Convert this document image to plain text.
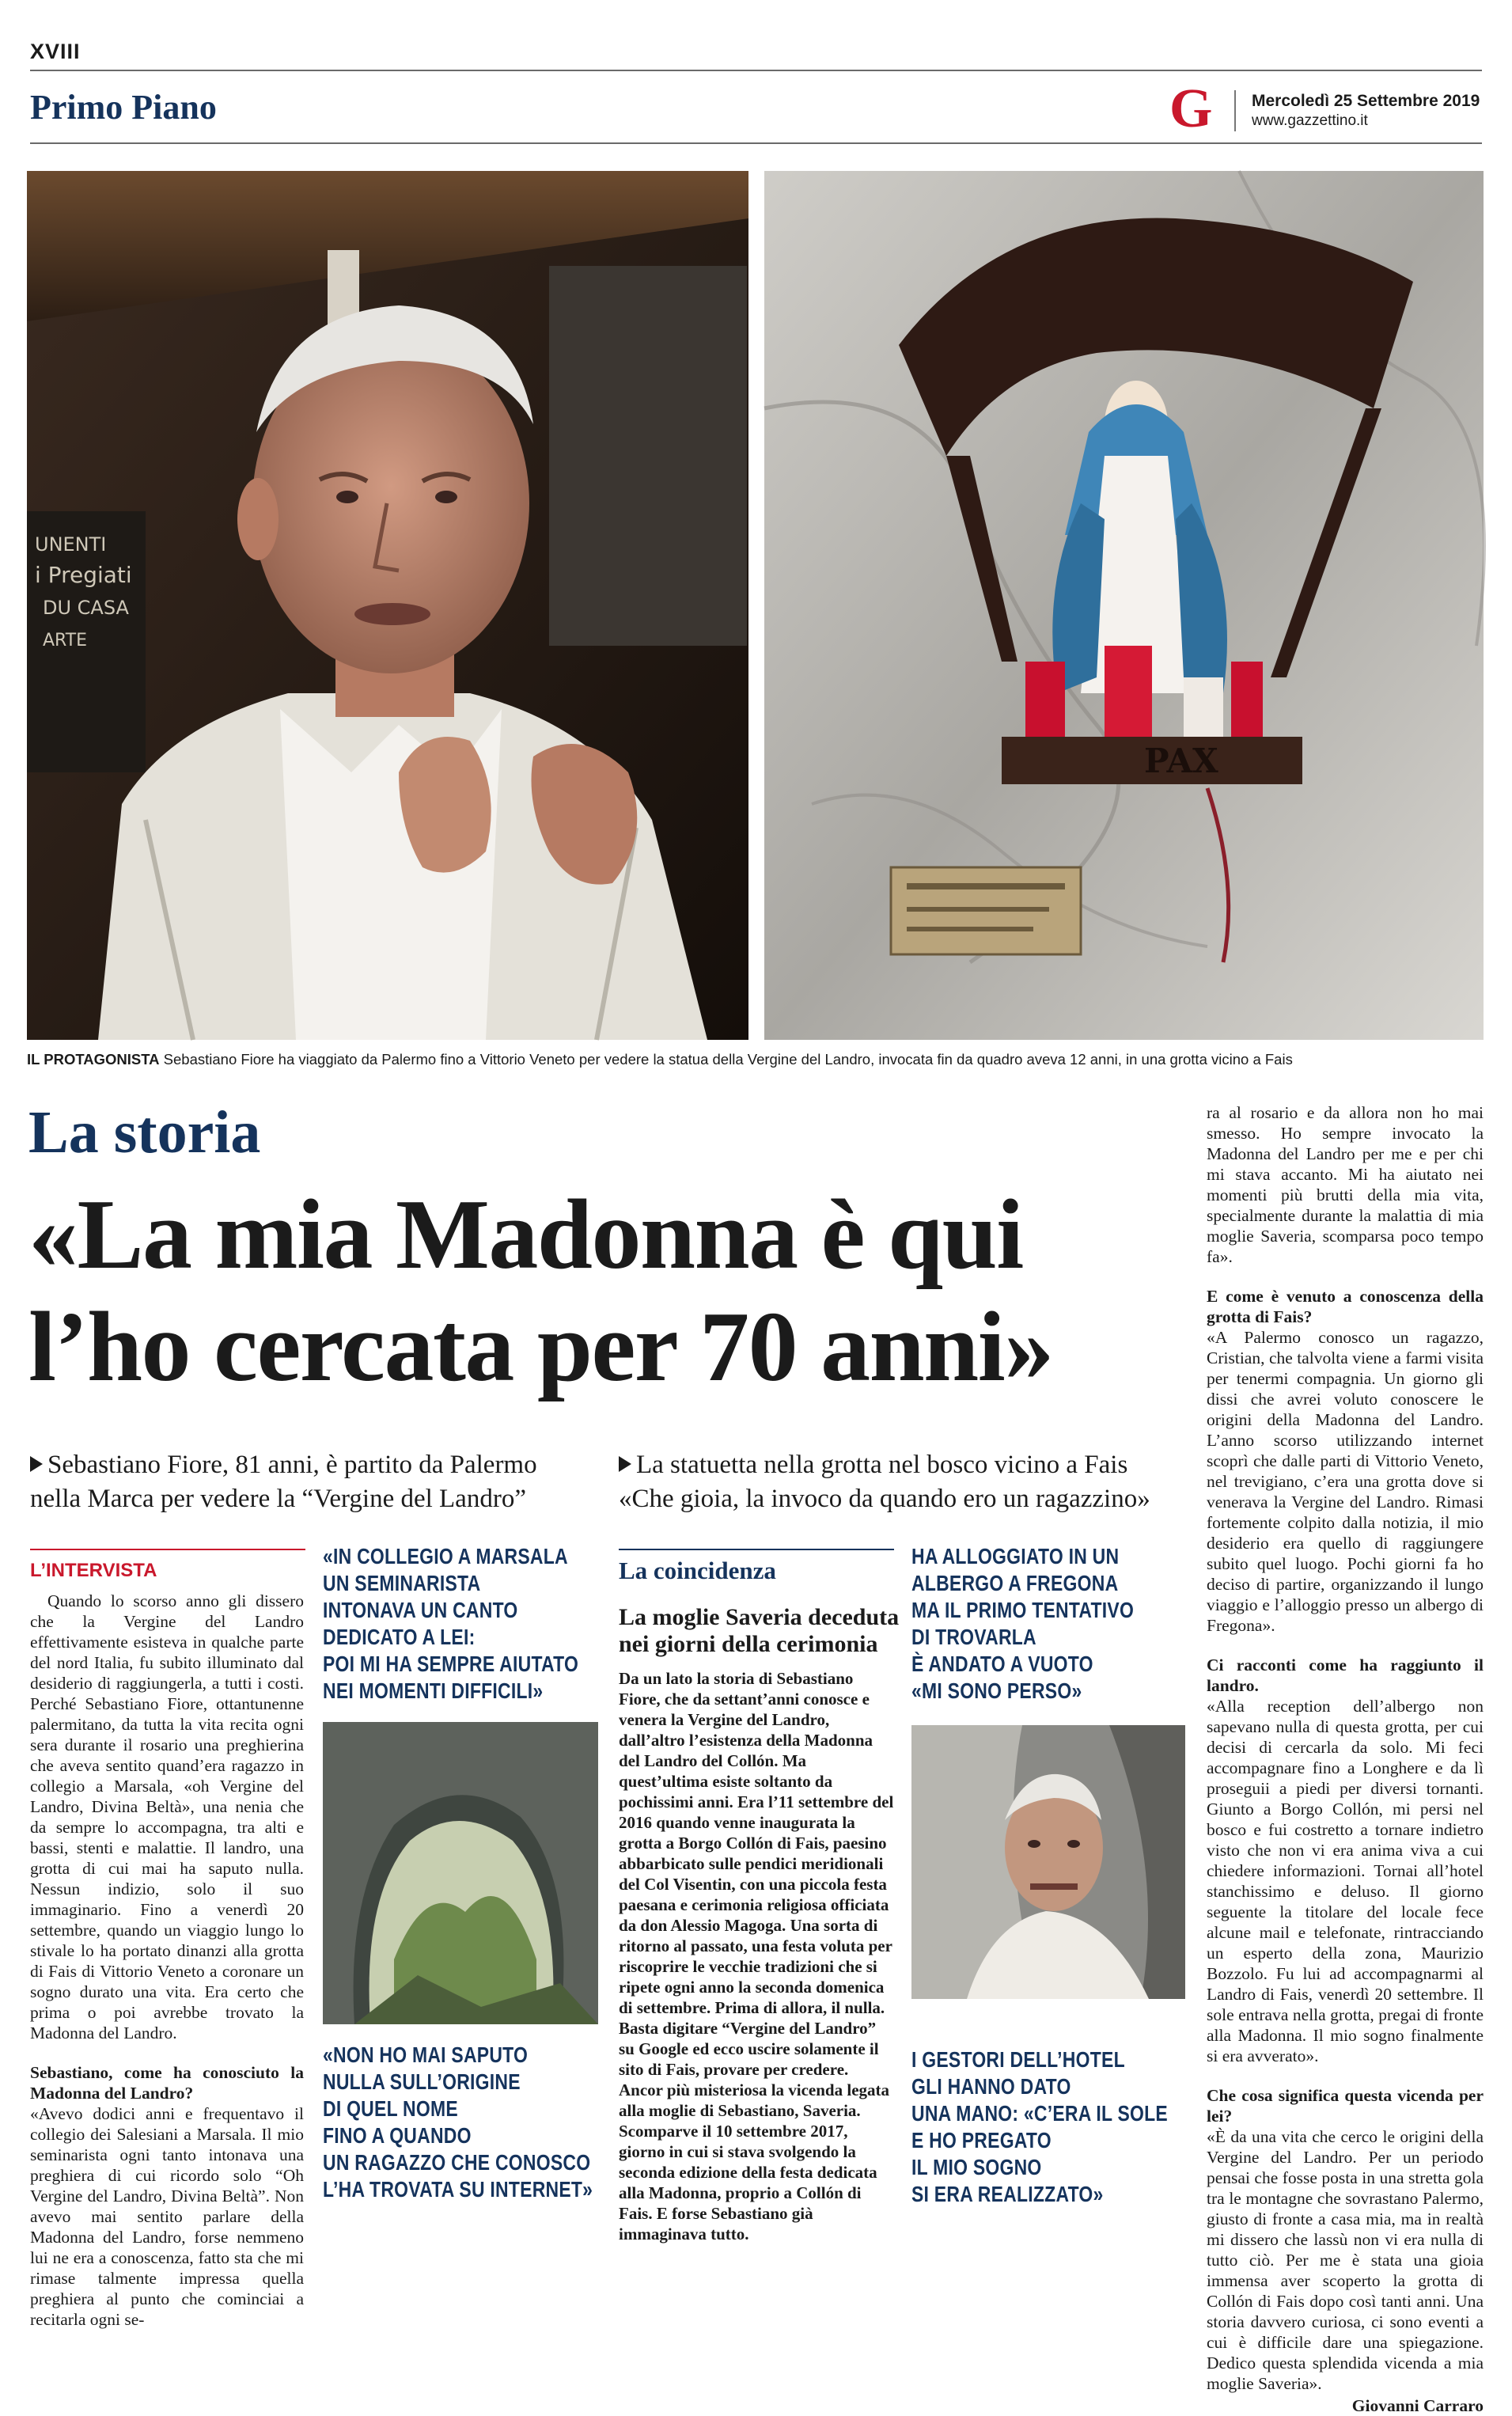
XVIII
Primo Piano	G Mercoledì 25 Settembre 2019
www.gazzettino.it
UNENTI
i Pregiati
DU CASA
ARTE
PAX
IL PROTAGONISTA Sebastiano Fiore ha viaggiato da Palermo fino a Vittorio Veneto per vedere la statua della Vergine del Landro, invocata fin da quadro aveva 12 anni, in una grotta vicino a Fais
La storia
«La mia Madonna è qui
l’ho cercata per 70 anni»
Sebastiano Fiore, 81 anni, è partito da Palermo
nella Marca per vedere la “Vergine del Landro”
La statuetta nella grotta nel bosco vicino a Fais
«Che gioia, la invoco da quando ero un ragazzino»
L’INTERVISTA

Quando lo scorso anno gli dissero che la Vergine del Landro effettivamente esisteva in qualche parte del nord Italia, fu subito illuminato dal desiderio di raggiungerla, a tutti i costi. Perché Sebastiano Fiore, ottantunenne palermitano, da tutta la vita recita ogni sera durante il rosario una preghierina che aveva sentito quand’era ragazzo in collegio a Marsala, «oh Vergine del Landro, Divina Beltà», una nenia che da sempre lo accompagna, tra alti e bassi, stenti e malattie. Il landro, una grotta di cui mai ha saputo nulla. Nessun indizio, solo il suo immaginario. Fino a venerdì 20 settembre, quando un viaggio lungo lo stivale lo ha portato dinanzi alla grotta di Fais di Vittorio Veneto a coronare un sogno durato una vita. Era certo che prima o poi avrebbe trovato la Madonna del Landro.

Sebastiano, come ha conosciuto la Madonna del Landro?

«Avevo dodici anni e frequentavo il collegio dei Salesiani a Marsala. Il mio seminarista ogni tanto intonava una preghiera di cui ricordo solo “Oh Vergine del Landro, Divina Beltà”. Non avevo mai sentito parlare della Madonna del Landro, forse nemmeno lui ne era a conoscenza, fatto sta che mi rimase talmente impressa quella preghiera al punto che cominciai a recitarla ogni se-

«IN COLLEGIO A MARSALA
UN SEMINARISTA
INTONAVA UN CANTO
DEDICATO A LEI:
POI MI HA SEMPRE AIUTATO
NEI MOMENTI DIFFICILI»
«NON HO MAI SAPUTO
NULLA SULL’ORIGINE
DI QUEL NOME
FINO A QUANDO
UN RAGAZZO CHE CONOSCO
L’HA TROVATA SU INTERNET»
La coincidenza
La moglie Saveria deceduta
nei giorni della cerimonia

Da un lato la storia di Sebastiano Fiore, che da settant’anni conosce e venera la Vergine del Landro, dall’altro l’esistenza della Madonna del Landro del Collón. Ma quest’ultima esiste soltanto da pochissimi anni. Era l’11 settembre del 2016 quando venne inaugurata la grotta a Borgo Collón di Fais, paesino abbarbicato sulle pendici meridionali del Col Visentin, con una piccola festa paesana e cerimonia religiosa officiata da don Alessio Magoga. Una sorta di ritorno al passato, una festa voluta per riscoprire le vecchie tradizioni che si ripete ogni anno la seconda domenica di settembre. Prima di allora, il nulla. Basta digitare “Vergine del Landro” su Google ed ecco uscire solamente il sito di Fais, provare per credere. Ancor più misteriosa la vicenda legata alla moglie di Sebastiano, Saveria. Scomparve il 10 settembre 2017, giorno in cui si stava svolgendo la seconda edizione della festa dedicata alla Madonna, proprio a Collón di Fais. E forse Sebastiano già immaginava tutto.

HA ALLOGGIATO IN UN
ALBERGO A FREGONA
MA IL PRIMO TENTATIVO
DI TROVARLA
È ANDATO A VUOTO
«MI SONO PERSO»
I GESTORI DELL’HOTEL
GLI HANNO DATO
UNA MANO: «C’ERA IL SOLE
E HO PREGATO
IL MIO SOGNO
SI ERA REALIZZATO»

ra al rosario e da allora non ho mai smesso. Ho sempre invocato la Madonna del Landro per me e per chi mi stava accanto. Mi ha aiutato nei momenti più brutti della mia vita, specialmente durante la malattia di mia moglie Saveria, scomparsa poco tempo fa».

E come è venuto a conoscenza della grotta di Fais?

«A Palermo conosco un ragazzo, Cristian, che talvolta viene a farmi visita per tenermi compagnia. Un giorno gli dissi che avrei voluto conoscere le origini della Madonna del Landro. L’anno scorso utilizzando internet scoprì che dalle parti di Vittorio Veneto, nel trevigiano, c’era una grotta dove si venerava la Vergine del Landro. Rimasi fortemente colpito dalla notizia, il mio desiderio era quello di raggiungere subito quel luogo. Pochi giorni fa ho deciso di partire, organizzando il lungo viaggio e l’alloggio presso un albergo di Fregona».

Ci racconti come ha raggiunto il landro.

«Alla reception dell’albergo non sapevano nulla di questa grotta, per cui decisi di cercarla da solo. Mi feci accompagnare fino a Longhere e da lì proseguii a piedi per diversi tornanti. Giunto a Borgo Collón, mi persi nel bosco e fui costretto a tornare indietro visto che non vi era anima viva a cui chiedere informazioni. Tornai all’hotel stanchissimo e deluso. Il giorno seguente la titolare del locale fece alcune mail e telefonate, rintracciando un esperto della zona, Maurizio Bozzolo. Fu lui ad accompagnarmi al Landro di Fais, venerdì 20 settembre. Il sole entrava nella grotta, pregai di fronte alla Madonna. Il mio sogno finalmente si era avverato».

Che cosa significa questa vicenda per lei?

«È da una vita che cerco le origini della Vergine del Landro. Per un periodo pensai che fosse posta in una stretta gola tra le montagne che sovrastano Palermo, giusto di fronte a casa mia, ma in realtà mi dissero che lassù non vi era nulla di tutto ciò. Per me è stata una gioia immensa aver scoperto la grotta di Collón di Fais dopo così tanti anni. Una storia davvero curiosa, ci sono eventi a cui è difficile dare una spiegazione. Dedico questa splendida vicenda a mia moglie Saveria».

Giovanni Carraro
